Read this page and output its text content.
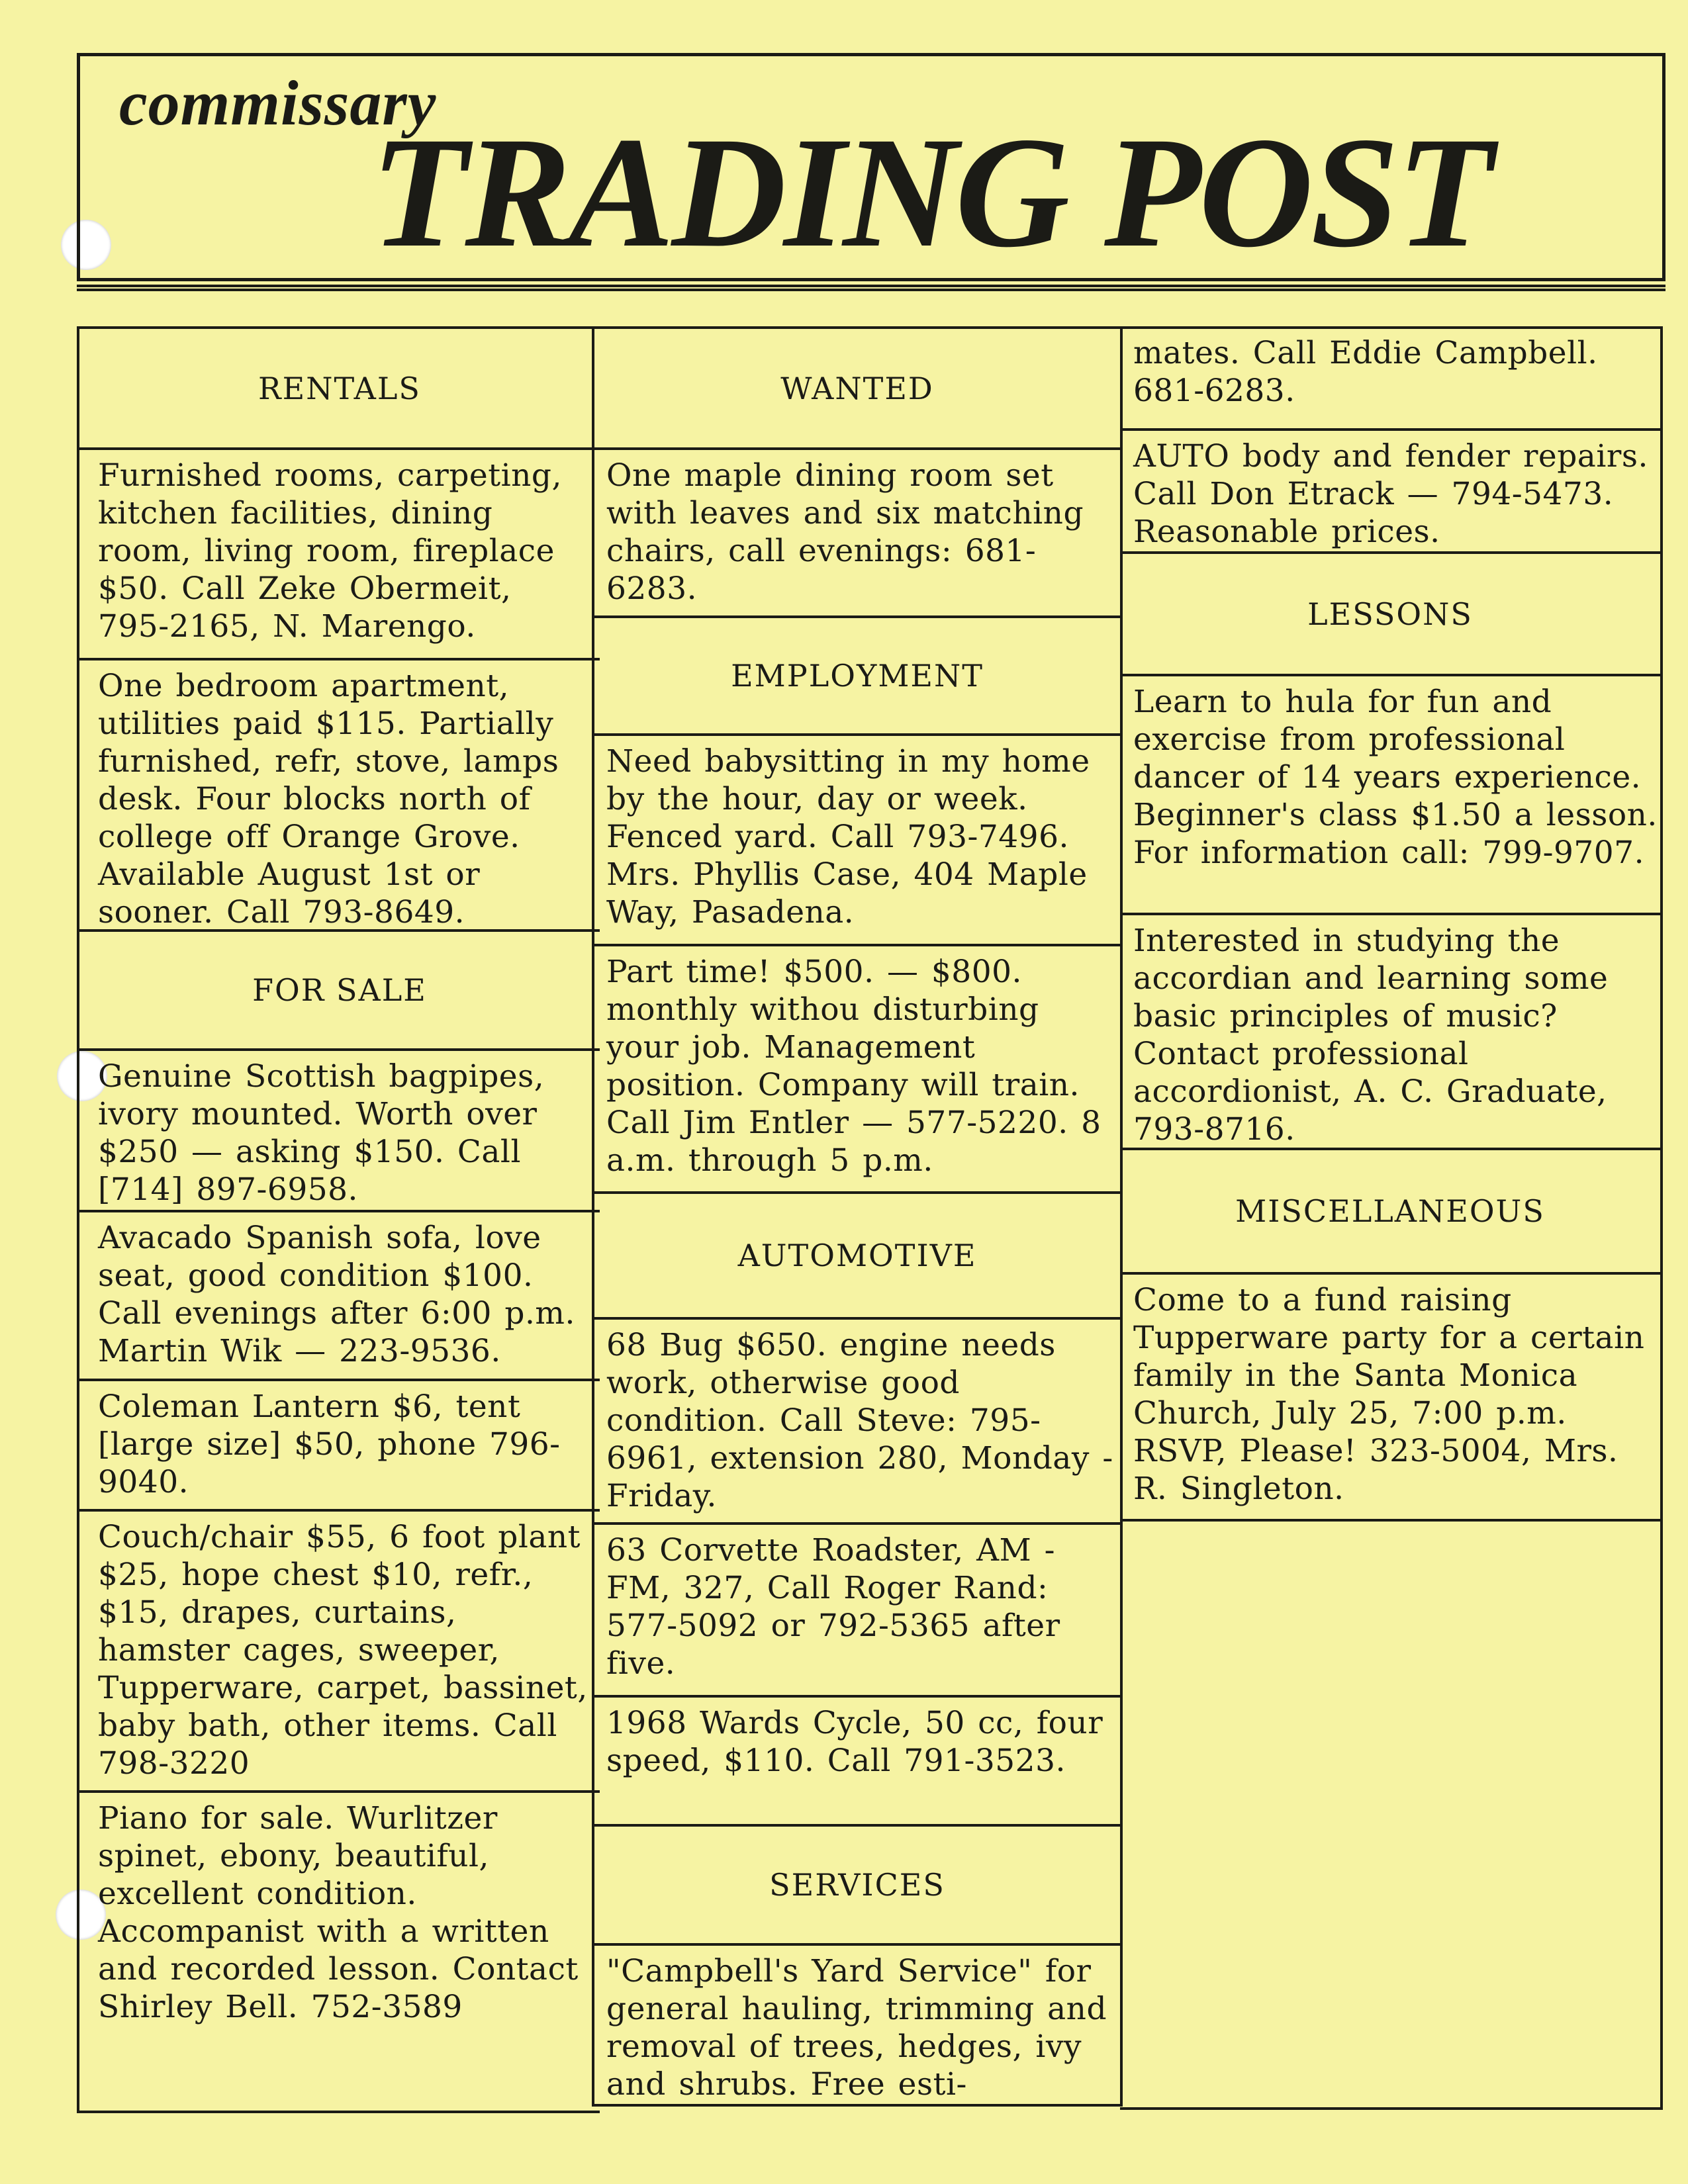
commissary
TRADING POST
RENTALS
Furnished rooms, carpeting, kitchen facilities, dining room, living room, fireplace $50. Call Zeke Obermeit, 795-2165, N. Marengo.
One bedroom apartment, utilities paid $115. Partially furnished, refr, stove, lamps desk. Four blocks north of college off Orange Grove. Available August 1st or sooner. Call 793-8649.
FOR SALE
Genuine Scottish bagpipes, ivory mounted. Worth over $250 — asking $150. Call [714] 897-6958.
Avacado Spanish sofa, love seat, good condition $100. Call evenings after 6:00 p.m. Martin Wik — 223-9536.
Coleman Lantern $6, tent [large size] $50, phone 796-9040.
Couch/chair $55, 6 foot plant $25, hope chest $10, refr., $15, drapes, curtains, hamster cages, sweeper, Tupperware, carpet, bassinet, baby bath, other items. Call 798-3220
Piano for sale. Wurlitzer spinet, ebony, beautiful, excellent condition. Accompanist with a written and recorded lesson. Contact Shirley Bell. 752-3589
WANTED
One maple dining room set with leaves and six matching chairs, call evenings: 681-6283.
EMPLOYMENT
Need babysitting in my home by the hour, day or week. Fenced yard. Call 793-7496. Mrs. Phyllis Case, 404 Maple Way, Pasadena.
Part time! $500. — $800. monthly withou disturbing your job. Management position. Company will train. Call Jim Entler — 577-5220. 8 a.m. through 5 p.m.
AUTOMOTIVE
68 Bug $650. engine needs work, otherwise good condition. Call Steve: 795-6961, extension 280, Monday - Friday.
63 Corvette Roadster, AM - FM, 327, Call Roger Rand: 577-5092 or 792-5365 after five.
1968 Wards Cycle, 50 cc, four speed, $110. Call 791-3523.
SERVICES
"Campbell's Yard Service" for general hauling, trimming and removal of trees, hedges, ivy and shrubs. Free esti-
mates. Call Eddie Campbell. 681-6283.
AUTO body and fender repairs. Call Don Etrack — 794-5473. Reasonable prices.
LESSONS
Learn to hula for fun and exercise from professional dancer of 14 years experience. Beginner's class $1.50 a lesson. For information call: 799-9707.
Interested in studying the accordian and learning some basic principles of music? Contact professional accordionist, A. C. Graduate, 793-8716.
MISCELLANEOUS
Come to a fund raising Tupperware party for a certain family in the Santa Monica Church, July 25, 7:00 p.m. RSVP, Please! 323-5004, Mrs. R. Singleton.
